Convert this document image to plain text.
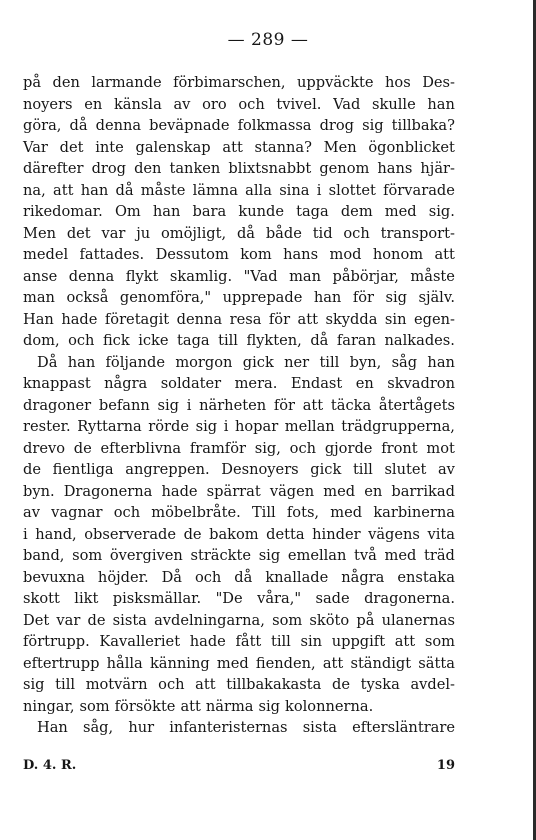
— 289 —
på den larmande förbimarschen, uppväckte hos Des-
noyers en känsla av oro och tvivel. Vad skulle han
göra, då denna beväpnade folkmassa drog sig tillbaka?
Var det inte galenskap att stanna? Men ögonblicket
därefter drog den tanken blixtsnabbt genom hans hjär-
na, att han då måste lämna alla sina i slottet förvarade
rikedomar. Om han bara kunde taga dem med sig.
Men det var ju omöjligt, då både tid och transport-
medel fattades. Dessutom kom hans mod honom att
anse denna flykt skamlig. "Vad man påbörjar, måste
man också genomföra," upprepade han för sig själv.
Han hade företagit denna resa för att skydda sin egen-
dom, och fick icke taga till flykten, då faran nalkades.
Då han följande morgon gick ner till byn, såg han
knappast några soldater mera. Endast en skvadron
dragoner befann sig i närheten för att täcka återtågets
rester. Ryttarna rörde sig i hopar mellan trädgrupperna,
drevo de efterblivna framför sig, och gjorde front mot
de fientliga angreppen. Desnoyers gick till slutet av
byn. Dragonerna hade spärrat vägen med en barrikad
av vagnar och möbelbråte. Till fots, med karbinerna
i hand, observerade de bakom detta hinder vägens vita
band, som övergiven sträckte sig emellan två med träd
bevuxna höjder. Då och då knallade några enstaka
skott likt pisksmällar. "De våra," sade dragonerna.
Det var de sista avdelningarna, som sköto på ulanernas
förtrupp. Kavalleriet hade fått till sin uppgift att som
eftertrupp hålla känning med fienden, att ständigt sätta
sig till motvärn och att tillbakakasta de tyska avdel-
ningar, som försökte att närma sig kolonnerna.
Han såg, hur infanteristernas sista eftersläntrare
D. 4. R.	19
